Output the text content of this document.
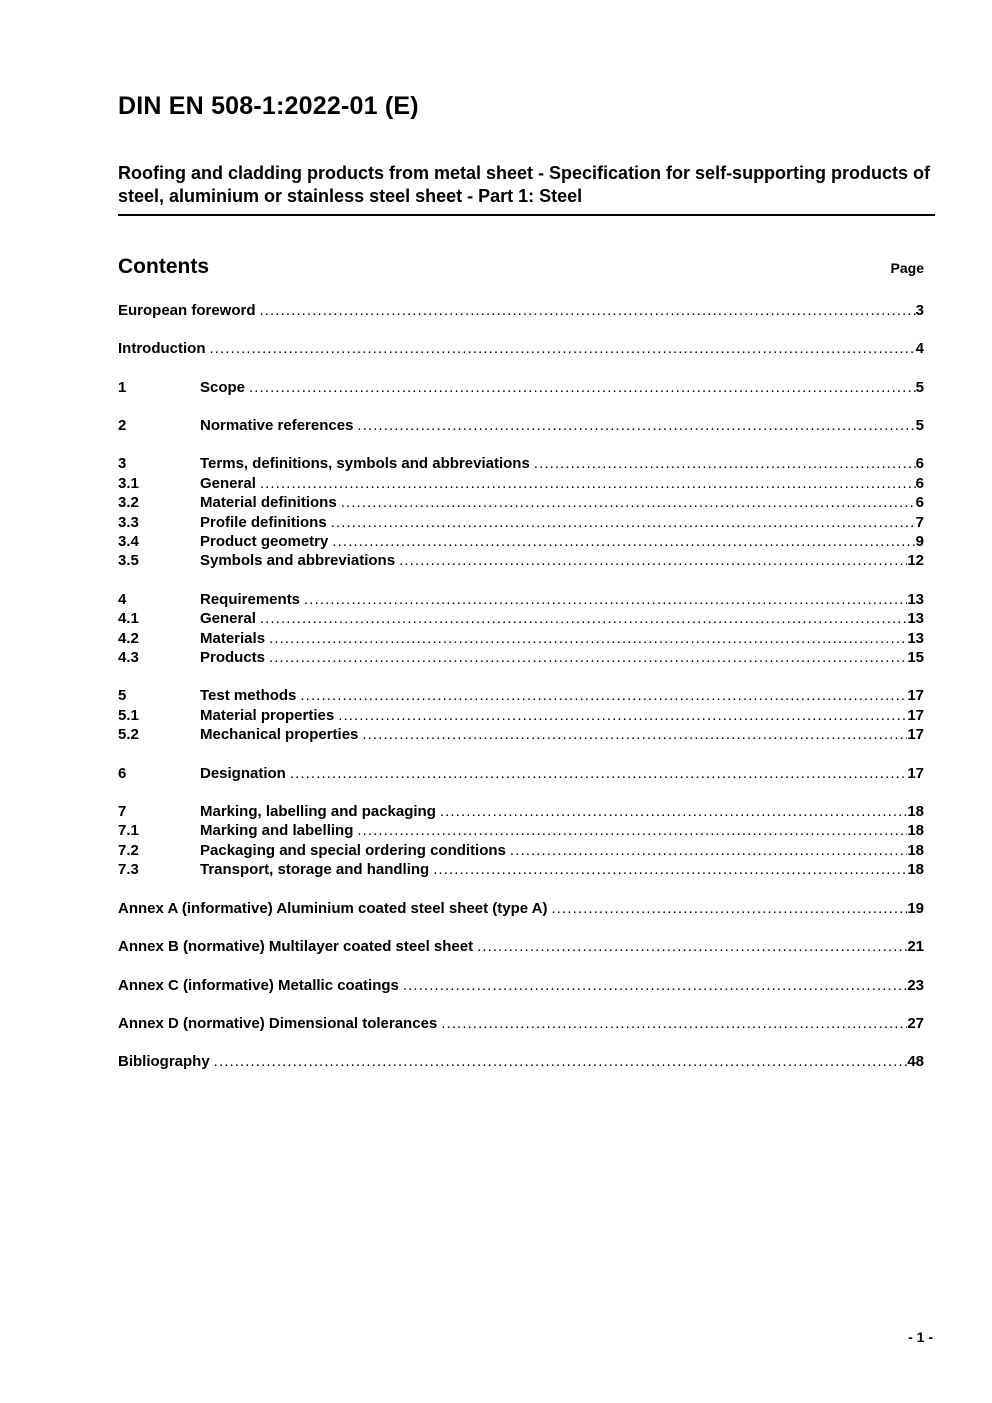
DIN EN 508-1:2022-01 (E)
Roofing and cladding products from metal sheet - Specification for self-supporting products of steel, aluminium or stainless steel sheet - Part 1: Steel
Contents	Page
European foreword .....	3
Introduction .....	4
1	Scope .....	5
2	Normative references .....	5
3	Terms, definitions, symbols and abbreviations .....	6
3.1	General .....	6
3.2	Material definitions .....	6
3.3	Profile definitions .....	7
3.4	Product geometry .....	9
3.5	Symbols and abbreviations .....	12
4	Requirements .....	13
4.1	General .....	13
4.2	Materials .....	13
4.3	Products .....	15
5	Test methods .....	17
5.1	Material properties .....	17
5.2	Mechanical properties .....	17
6	Designation .....	17
7	Marking, labelling and packaging .....	18
7.1	Marking and labelling .....	18
7.2	Packaging and special ordering conditions .....	18
7.3	Transport, storage and handling .....	18
Annex A (informative) Aluminium coated steel sheet (type A) .....	19
Annex B (normative) Multilayer coated steel sheet .....	21
Annex C (informative) Metallic coatings .....	23
Annex D (normative) Dimensional tolerances .....	27
Bibliography .....	48
- 1 -
